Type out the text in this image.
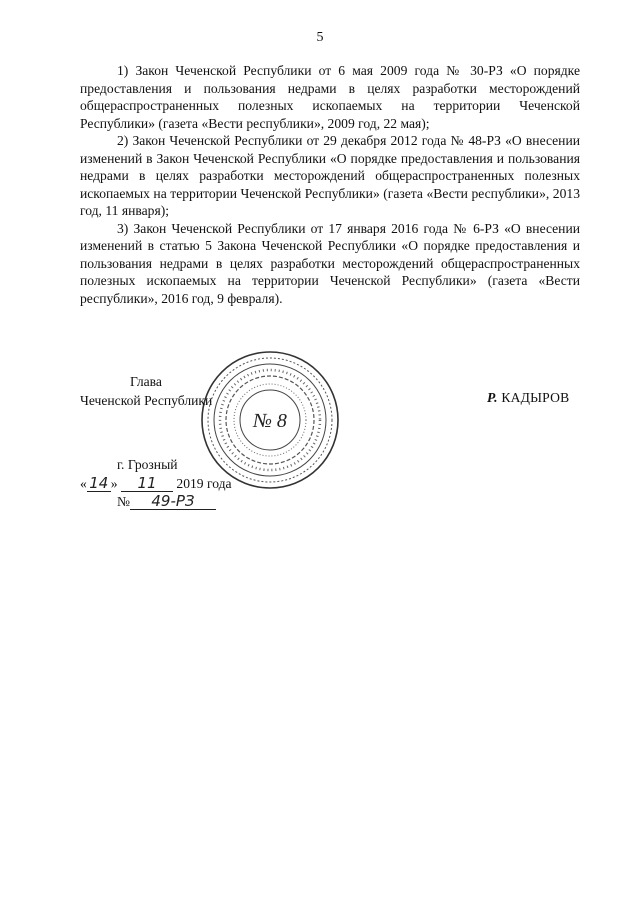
5

1) Закон Чеченской Республики от 6 мая 2009 года № 30-РЗ «О порядке предоставления и пользования недрами в целях разработки месторождений общераспространенных полезных ископаемых на территории Чеченской Республики» (газета «Вести республики», 2009 год, 22 мая);

2) Закон Чеченской Республики от 29 декабря 2012 года № 48-РЗ «О внесении изменений в Закон Чеченской Республики «О порядке предоставления и пользования недрами в целях разработки месторождений общераспространенных полезных ископаемых на территории Чеченской Республики» (газета «Вести республики», 2013 год, 11 января);

3) Закон Чеченской Республики от 17 января 2016 года № 6-РЗ «О внесении изменений в статью 5 Закона Чеченской Республики «О порядке предоставления и пользования недрами в целях разработки месторождений общераспространенных полезных ископаемых на территории Чеченской Республики» (газета «Вести республики», 2016 год, 9 февраля).

№ 8
Глава
Чеченской Республики	Р. КАДЫРОВ
г. Грозный
« 14 » 11 2019 года
№ 49-РЗ
